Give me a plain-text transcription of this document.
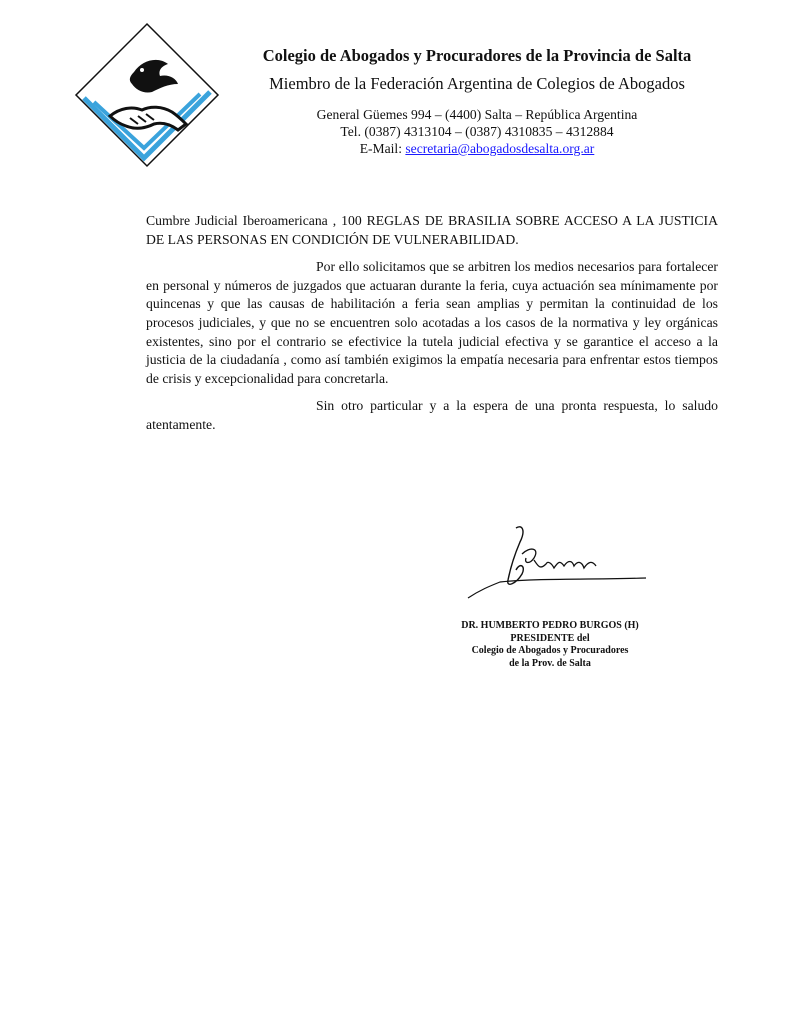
Colegio de Abogados y Procuradores de la Provincia de Salta

Miembro de la Federación Argentina de Colegios de Abogados
General Güemes 994 – (4400) Salta – República Argentina
Tel. (0387) 4313104 – (0387) 4310835 – 4312884
E-Mail: secretaria@abogadosdesalta.org.ar

Cumbre Judicial Iberoamericana , 100 REGLAS DE BRASILIA SOBRE ACCESO A LA JUSTICIA DE LAS PERSONAS EN CONDICIÓN DE VULNERABILIDAD.

Por ello solicitamos que se arbitren los medios necesarios para fortalecer en personal y números de juzgados que actuaran durante la feria, cuya actuación sea mínimamente por quincenas y que las causas de habilitación a feria sean amplias y permitan la continuidad de los procesos judiciales, y que no se encuentren solo acotadas a los casos de la normativa y ley orgánicas existentes, sino por el contrario se efectivice la tutela judicial efectiva y se garantice el acceso a la justicia de la ciudadanía , como así también exigimos la empatía necesaria para enfrentar estos tiempos de crisis y excepcionalidad para concretarla.

Sin otro particular y a la espera de una pronta respuesta, lo saludo atentamente.

DR. HUMBERTO PEDRO BURGOS (H)
PRESIDENTE del
Colegio de Abogados y Procuradores
de la Prov. de Salta
